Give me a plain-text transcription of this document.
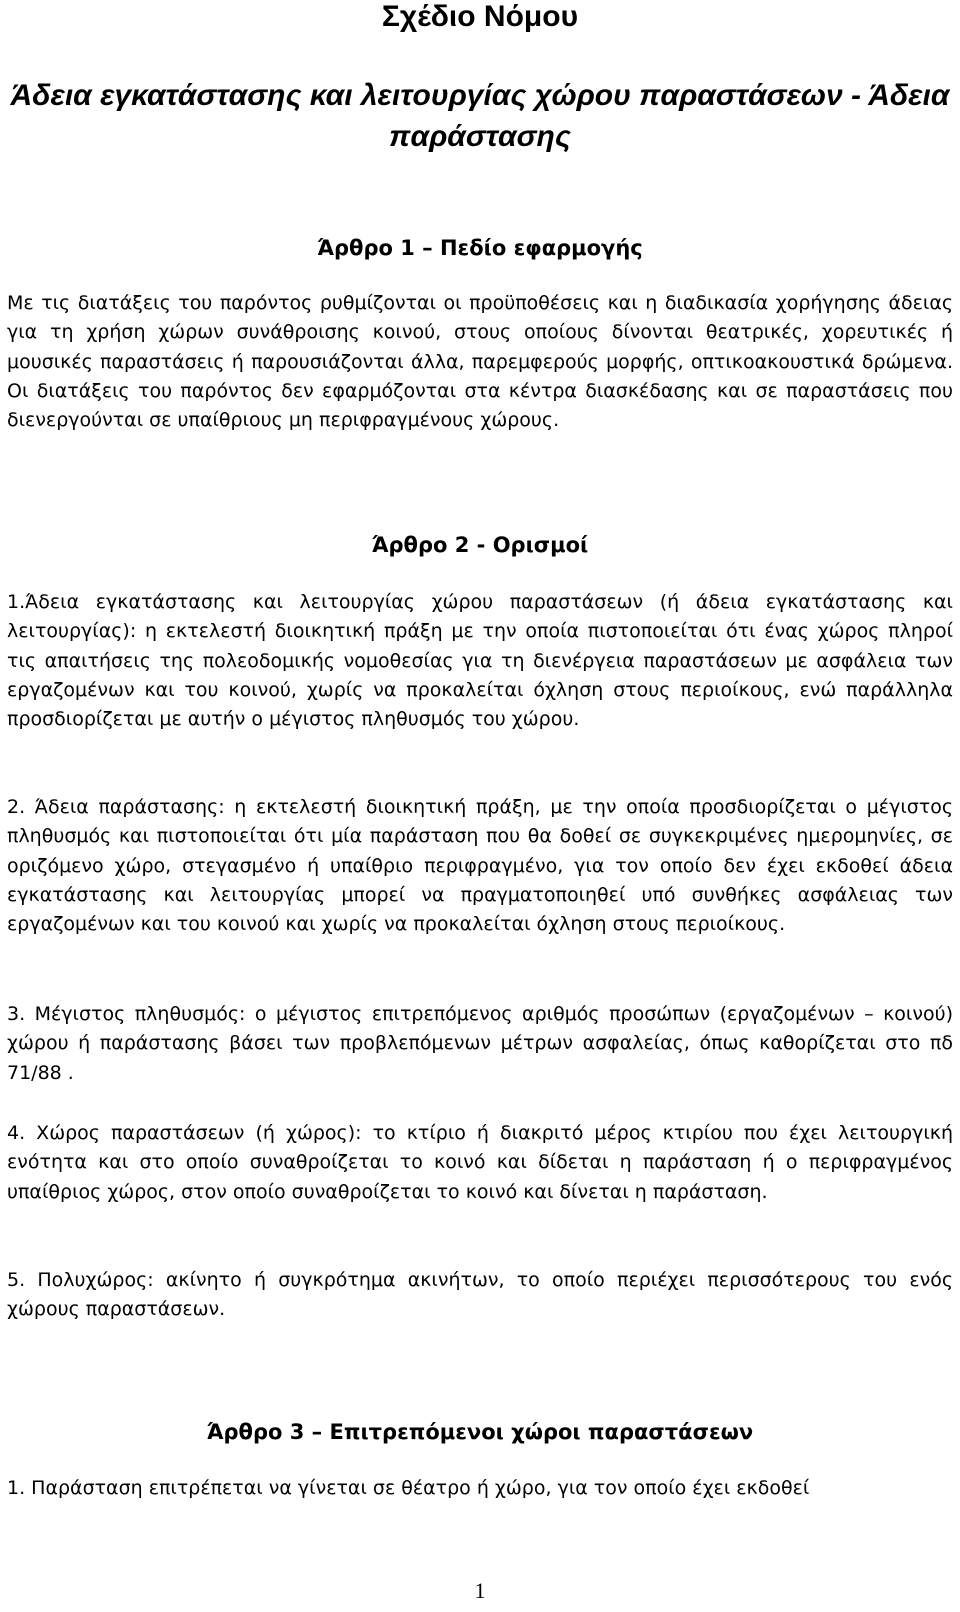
Σχέδιο Νόμου
Άδεια εγκατάστασης και λειτουργίας χώρου παραστάσεων - Άδεια παράστασης
Άρθρο 1 – Πεδίο εφαρμογής

Με τις διατάξεις του παρόντος ρυθμίζονται οι προϋποθέσεις και η διαδικασία χορήγησης άδειας για τη χρήση χώρων συνάθροισης κοινού, στους οποίους δίνονται θεατρικές, χορευτικές ή μουσικές παραστάσεις ή παρουσιάζονται άλλα, παρεμφερούς μορφής, οπτικοακουστικά δρώμενα. Οι διατάξεις του παρόντος δεν εφαρμόζονται στα κέντρα διασκέδασης και σε παραστάσεις που διενεργούνται σε υπαίθριους μη περιφραγμένους χώρους.

Άρθρο 2 - Ορισμοί

1.Άδεια εγκατάστασης και λειτουργίας χώρου παραστάσεων (ή άδεια εγκατάστασης και λειτουργίας): η εκτελεστή διοικητική πράξη με την οποία πιστοποιείται ότι ένας χώρος πληροί τις απαιτήσεις της πολεοδομικής νομοθεσίας για τη διενέργεια παραστάσεων με ασφάλεια των εργαζομένων και του κοινού, χωρίς να προκαλείται όχληση στους περιοίκους, ενώ παράλληλα προσδιορίζεται με αυτήν ο μέγιστος πληθυσμός του χώρου.

2. Άδεια παράστασης: η εκτελεστή διοικητική πράξη, με την οποία προσδιορίζεται ο μέγιστος πληθυσμός και πιστοποιείται ότι μία παράσταση που θα δοθεί σε συγκεκριμένες ημερομηνίες, σε οριζόμενο χώρο, στεγασμένο ή υπαίθριο περιφραγμένο, για τον οποίο δεν έχει εκδοθεί άδεια εγκατάστασης και λειτουργίας μπορεί να πραγματοποιηθεί υπό συνθήκες ασφάλειας των εργαζομένων και του κοινού και χωρίς να προκαλείται όχληση στους περιοίκους.

3. Μέγιστος πληθυσμός: ο μέγιστος επιτρεπόμενος αριθμός προσώπων (εργαζομένων – κοινού) χώρου ή παράστασης βάσει των προβλεπόμενων μέτρων ασφαλείας, όπως καθορίζεται στο πδ 71/88 .

4. Χώρος παραστάσεων (ή χώρος): το κτίριο ή διακριτό μέρος κτιρίου που έχει λειτουργική ενότητα και στο οποίο συναθροίζεται το κοινό και δίδεται η παράσταση ή ο περιφραγμένος υπαίθριος χώρος, στον οποίο συναθροίζεται το κοινό και δίνεται η παράσταση.

5. Πολυχώρος: ακίνητο ή συγκρότημα ακινήτων, το οποίο περιέχει περισσότερους του ενός χώρους παραστάσεων.

Άρθρο 3 – Επιτρεπόμενοι χώροι παραστάσεων

1. Παράσταση επιτρέπεται να γίνεται σε θέατρο ή χώρο, για τον οποίο έχει εκδοθεί

1
